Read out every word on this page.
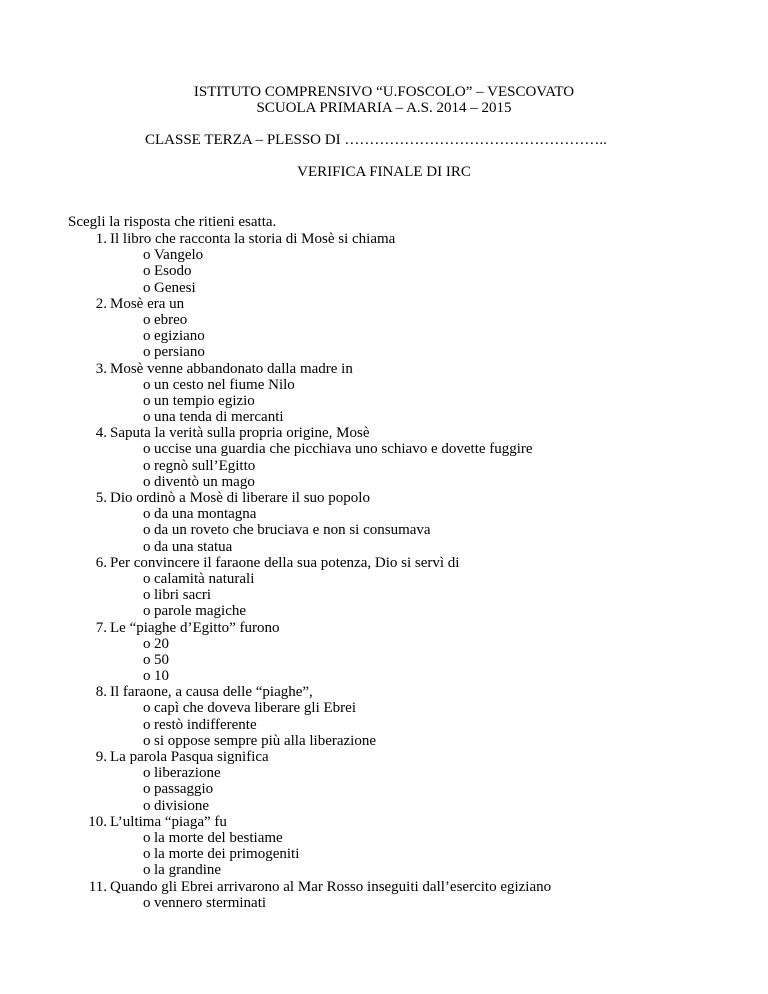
ISTITUTO COMPRENSIVO “U.FOSCOLO” – VESCOVATO
SCUOLA PRIMARIA – A.S. 2014 – 2015
CLASSE TERZA – PLESSO DI ……………………………………………..
VERIFICA FINALE DI IRC
Scegli la risposta che ritieni esatta.
1. Il libro che racconta la storia di Mosè si chiama
o Vangelo
o Esodo
o Genesi
2. Mosè era un
o ebreo
o egiziano
o persiano
3. Mosè venne abbandonato dalla madre in
o un cesto nel fiume Nilo
o un tempio egizio
o una tenda di mercanti
4. Saputa la verità sulla propria origine, Mosè
o uccise una guardia che picchiava uno schiavo e dovette fuggire
o regnò sull’Egitto
o diventò un mago
5. Dio ordinò a Mosè di liberare il suo popolo
o da una montagna
o da un roveto che bruciava e non si consumava
o da una statua
6. Per convincere il faraone della sua potenza, Dio si servì di
o calamità naturali
o libri sacri
o parole magiche
7. Le “piaghe d’Egitto” furono
o 20
o 50
o 10
8. Il faraone, a causa delle “piaghe”,
o capì che doveva liberare gli Ebrei
o restò indifferente
o si oppose sempre più alla liberazione
9. La parola Pasqua significa
o liberazione
o passaggio
o divisione
10. L’ultima “piaga” fu
o la morte del bestiame
o la morte dei primogeniti
o la grandine
11. Quando gli Ebrei arrivarono al Mar Rosso inseguiti dall’esercito egiziano
o vennero sterminati
